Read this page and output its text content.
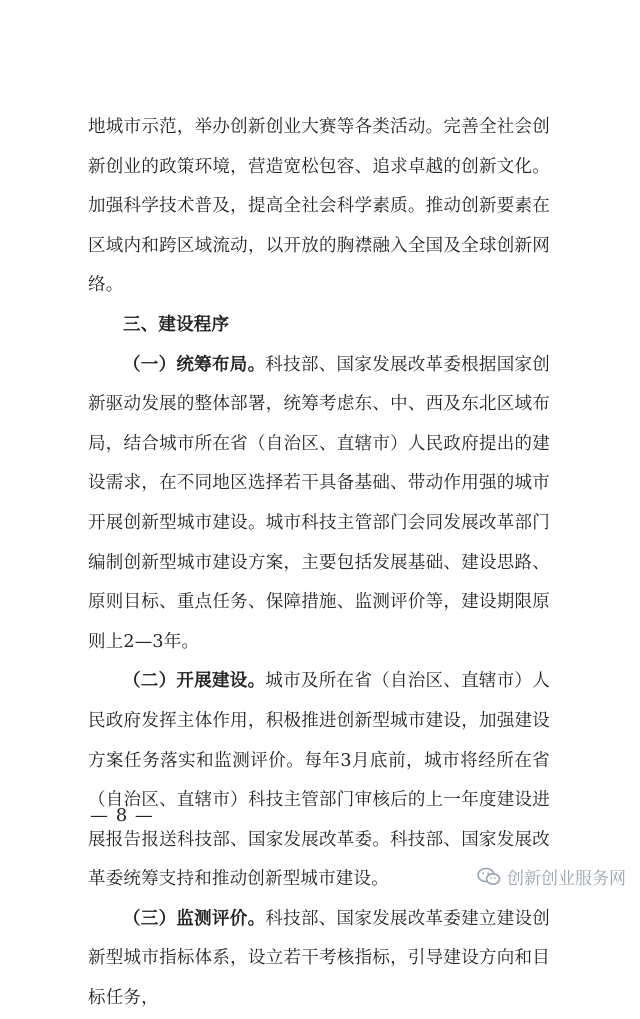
地城市示范，举办创新创业大赛等各类活动。完善全社会创新创业的政策环境，营造宽松包容、追求卓越的创新文化。加强科学技术普及，提高全社会科学素质。推动创新要素在区域内和跨区域流动，以开放的胸襟融入全国及全球创新网络。

三、建设程序

（一）统筹布局。科技部、国家发展改革委根据国家创新驱动发展的整体部署，统筹考虑东、中、西及东北区域布局，结合城市所在省（自治区、直辖市）人民政府提出的建设需求，在不同地区选择若干具备基础、带动作用强的城市开展创新型城市建设。城市科技主管部门会同发展改革部门编制创新型城市建设方案，主要包括发展基础、建设思路、原则目标、重点任务、保障措施、监测评价等，建设期限原则上2—3年。

（二）开展建设。城市及所在省（自治区、直辖市）人民政府发挥主体作用，积极推进创新型城市建设，加强建设方案任务落实和监测评价。每年3月底前，城市将经所在省（自治区、直辖市）科技主管部门审核后的上一年度建设进展报告报送科技部、国家发展改革委。科技部、国家发展改革委统筹支持和推动创新型城市建设。

（三）监测评价。科技部、国家发展改革委建立建设创新型城市指标体系，设立若干考核指标，引导建设方向和目标任务，

— 8 —
创新创业服务网
